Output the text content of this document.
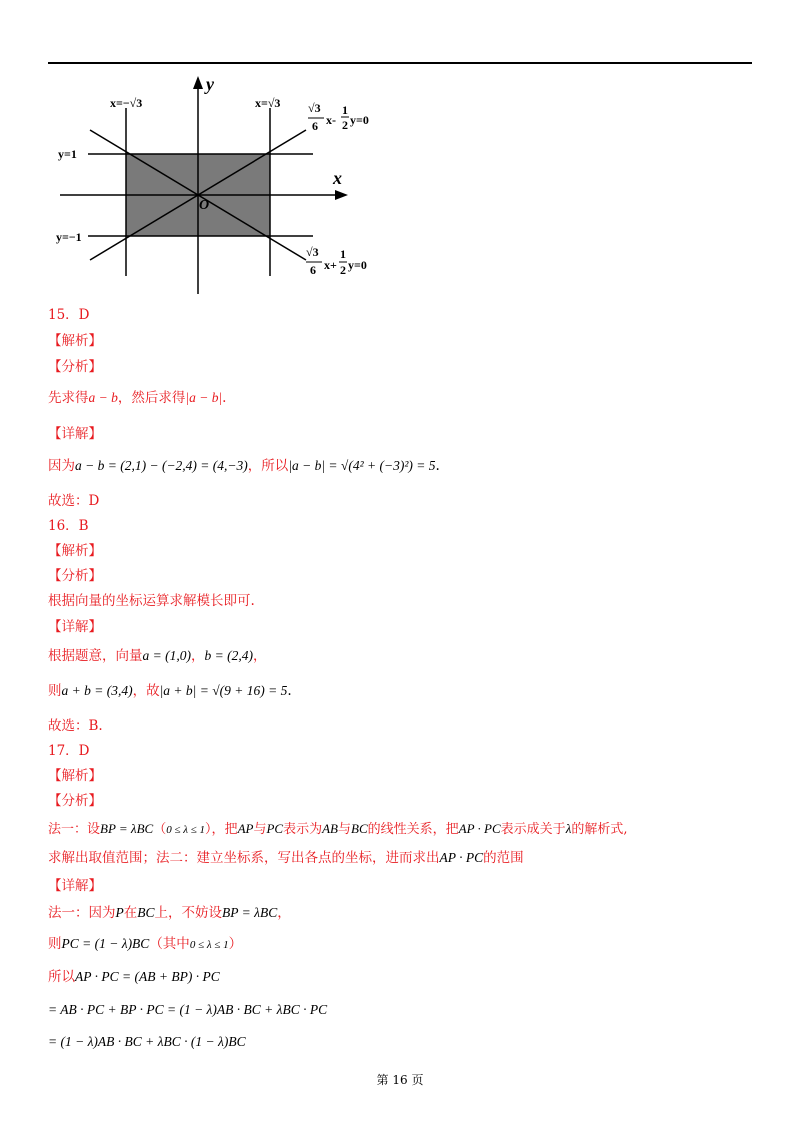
y
x
O
x=−√3	x=√3
y=1
y=−1
√3
6 x-
1
2 y=0
√3
6 x+
1
2 y=0
15．D
【解析】
【分析】
先求得a − b，然后求得|a − b|.
【详解】
因为a − b = (2,1) − (−2,4) = (4,−3)，所以|a − b| = √(4² + (−3)²) = 5.
故选：D
16．B
【解析】
【分析】
根据向量的坐标运算求解模长即可.
【详解】
根据题意，向量a = (1,0)，b = (2,4)，
则a + b = (3,4)，故|a + b| = √(9 + 16) = 5.
故选：B.
17．D
【解析】
【分析】
法一：设BP = λBC（0 ≤ λ ≤ 1），把AP与PC表示为AB与BC的线性关系，把AP · PC表示成关于λ的解析式,
求解出取值范围；法二：建立坐标系，写出各点的坐标，进而求出AP · PC的范围
【详解】
法一：因为P在BC上，不妨设BP = λBC，
则PC = (1 − λ)BC（其中0 ≤ λ ≤ 1）
所以AP · PC = (AB + BP) · PC
= AB · PC + BP · PC = (1 − λ)AB · BC + λBC · PC
= (1 − λ)AB · BC + λBC · (1 − λ)BC
第 16 页
